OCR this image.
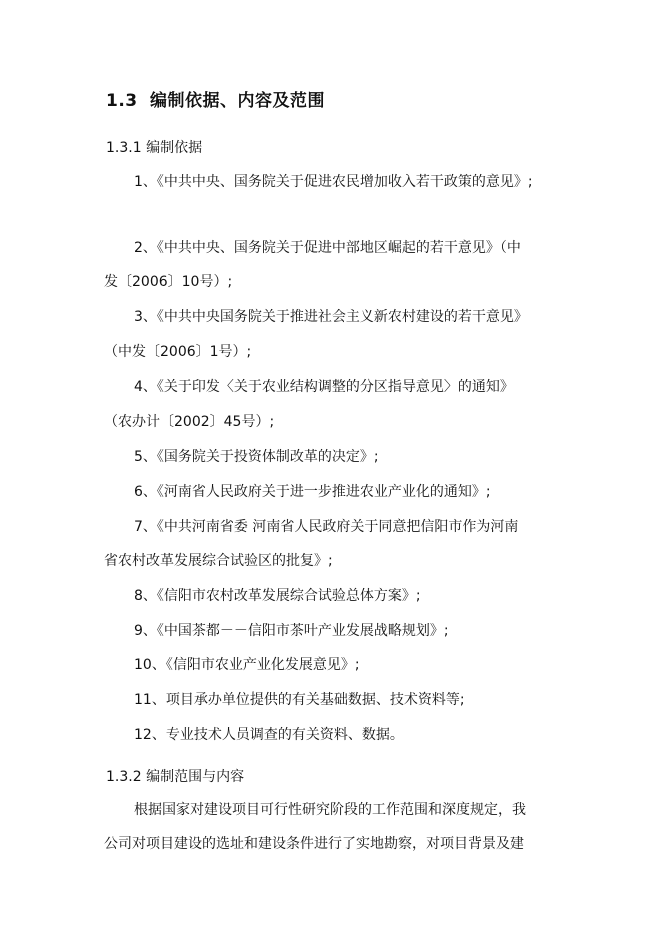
1.3 编制依据、内容及范围
1.3.1 编制依据
1、《中共中央、国务院关于促进农民增加收入若干政策的意见》;
2、《中共中央、国务院关于促进中部地区崛起的若干意见》（中
发〔2006〕10号）;
3、《中共中央国务院关于推进社会主义新农村建设的若干意见》
（中发〔2006〕1号）;
4、《关于印发〈关于农业结构调整的分区指导意见〉的通知》
（农办计〔2002〕45号）;
5、《国务院关于投资体制改革的决定》;
6、《河南省人民政府关于进一步推进农业产业化的通知》;
7、《中共河南省委 河南省人民政府关于同意把信阳市作为河南
省农村改革发展综合试验区的批复》;
8、《信阳市农村改革发展综合试验总体方案》;
9、《中国茶都－－信阳市茶叶产业发展战略规划》;
10、《信阳市农业产业化发展意见》;
11、项目承办单位提供的有关基础数据、技术资料等;
12、专业技术人员调查的有关资料、数据。
1.3.2 编制范围与内容
根据国家对建设项目可行性研究阶段的工作范围和深度规定，我
公司对项目建设的选址和建设条件进行了实地勘察，对项目背景及建
